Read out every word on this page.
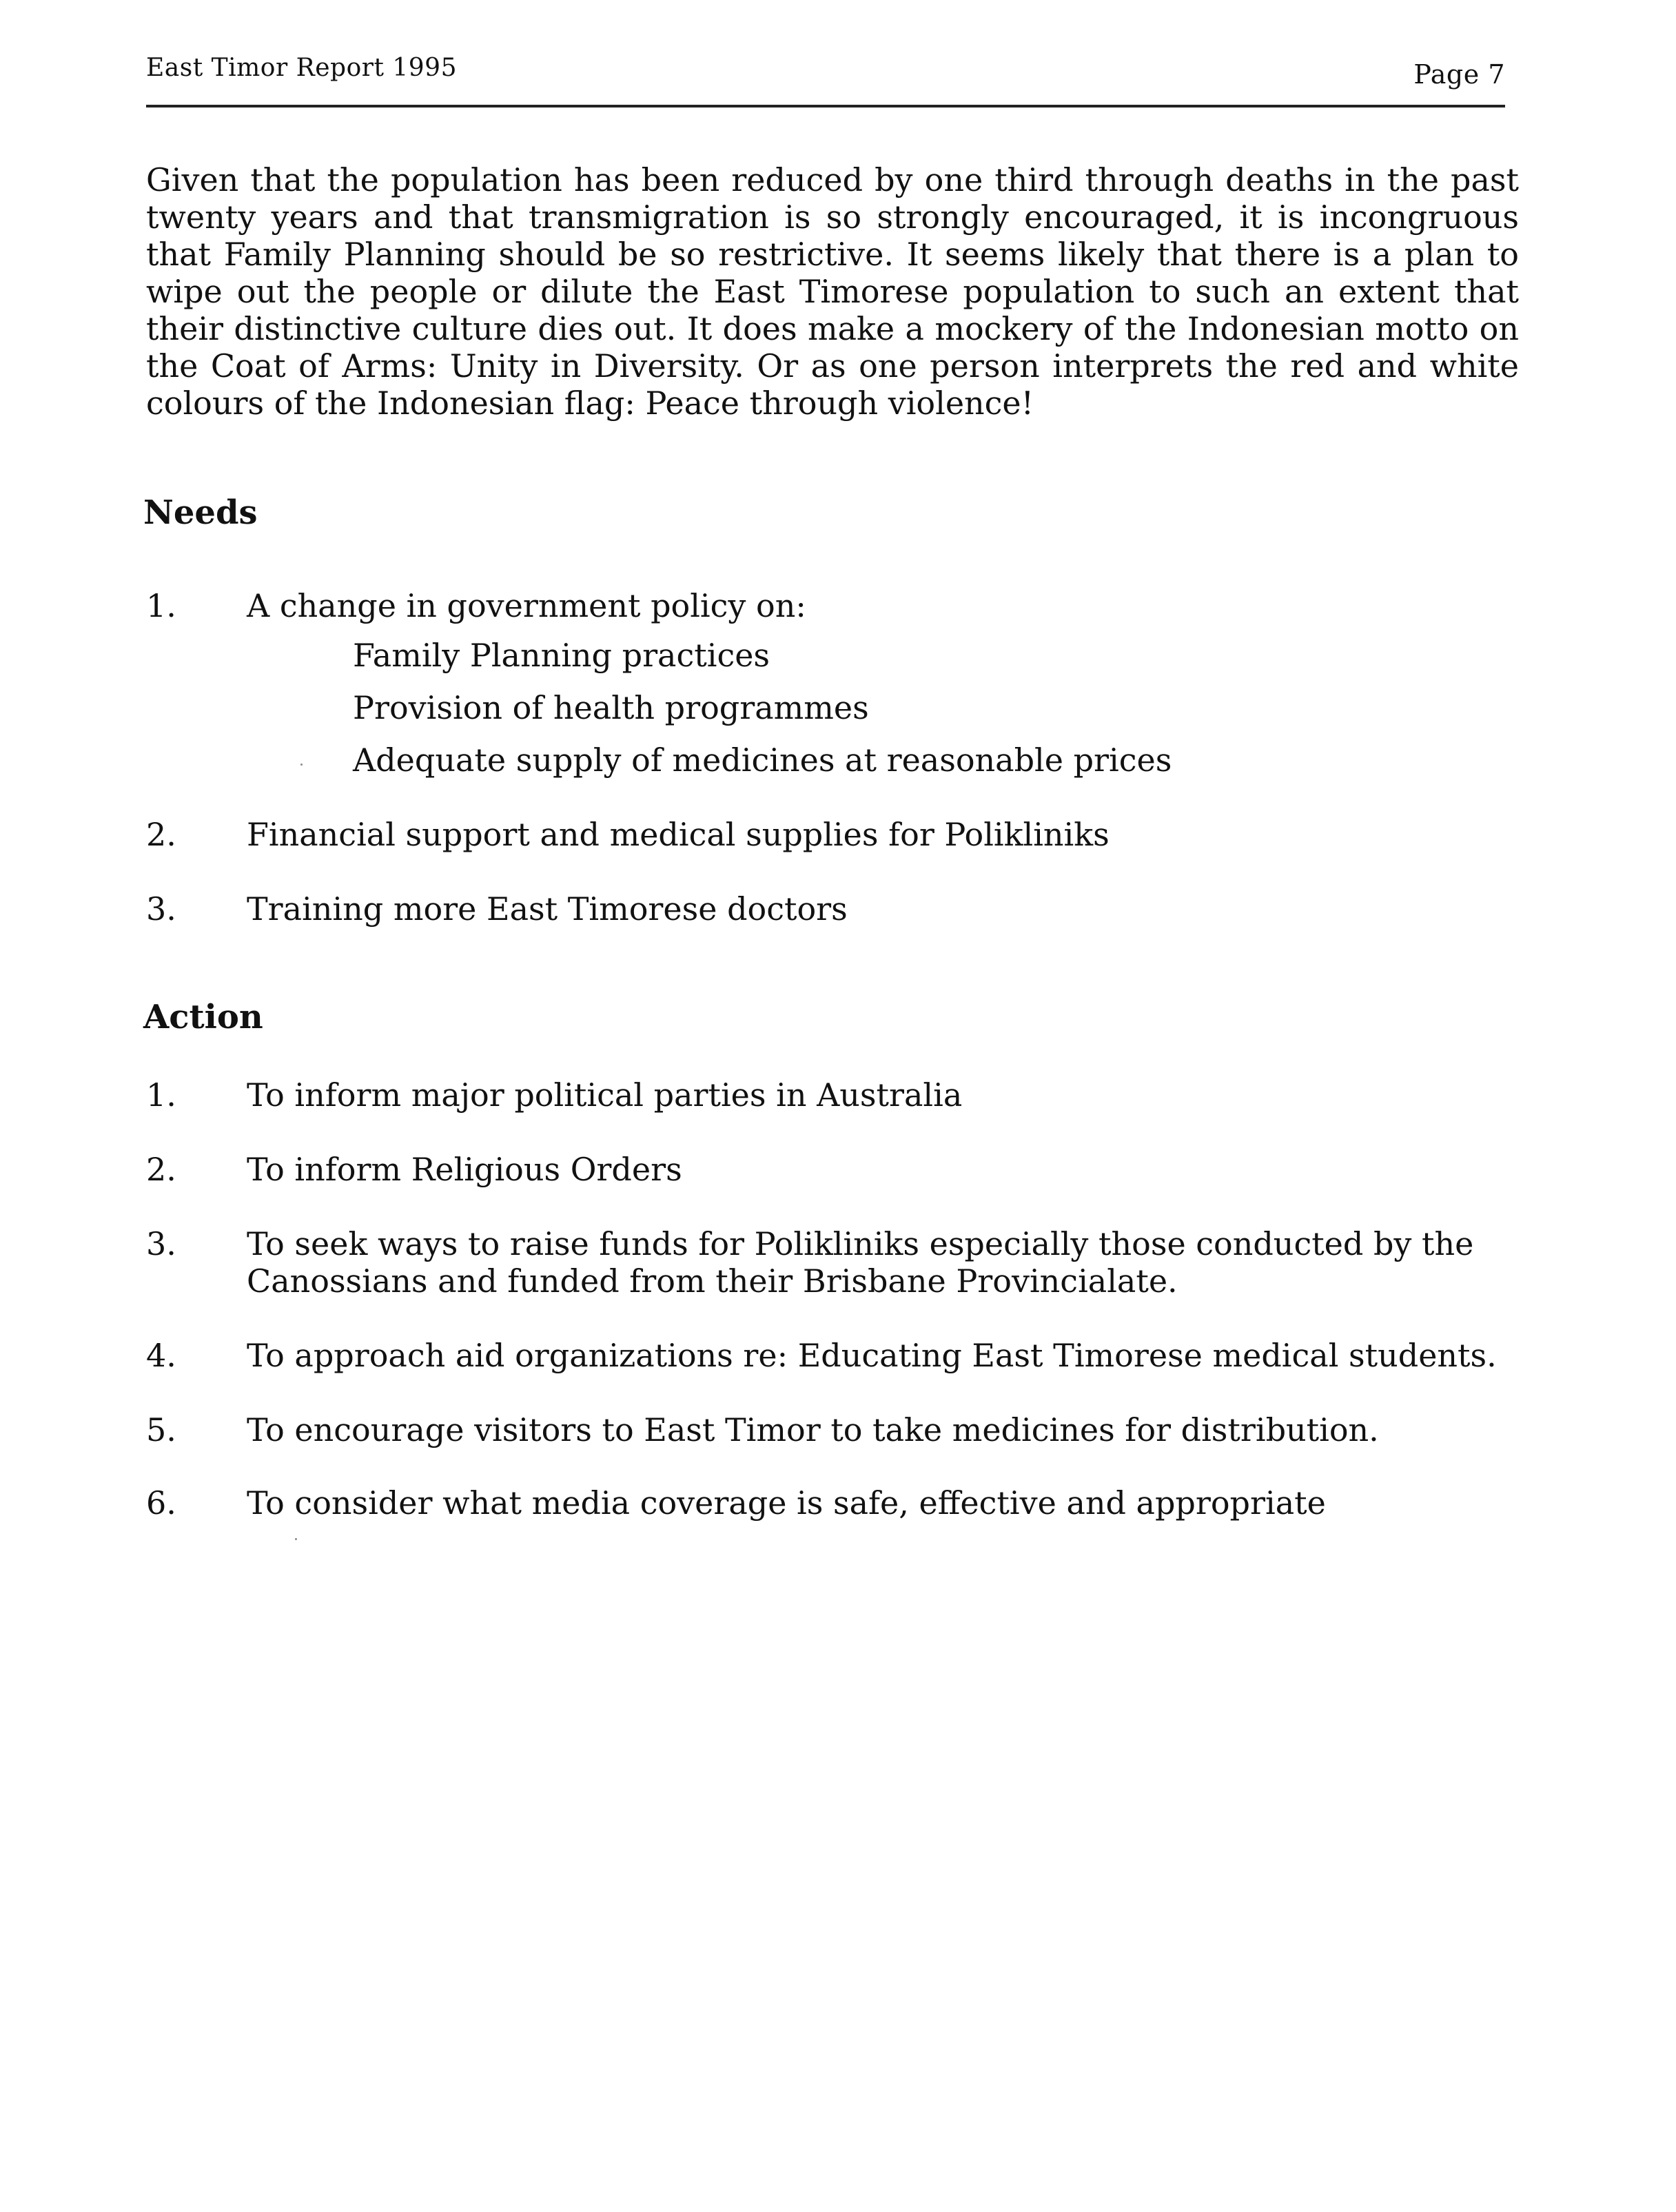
East Timor Report 1995	Page 7
Given that the population has been reduced by one third through deaths in the past
twenty years and that transmigration is so strongly encouraged, it is incongruous
that Family Planning should be so restrictive. It seems likely that there is a plan to
wipe out the people or dilute the East Timorese population to such an extent that
their distinctive culture dies out. It does make a mockery of the Indonesian motto on
the Coat of Arms: Unity in Diversity. Or as one person interprets the red and white
colours of the Indonesian flag: Peace through violence!
Needs
1. A change in government policy on:
Family Planning practices
Provision of health programmes
Adequate supply of medicines at reasonable prices
2. Financial support and medical supplies for Polikliniks
3. Training more East Timorese doctors
Action
1. To inform major political parties in Australia
2. To inform Religious Orders
3. To seek ways to raise funds for Polikliniks especially those conducted by the
Canossians and funded from their Brisbane Provincialate.
4. To approach aid organizations re: Educating East Timorese medical students.
5. To encourage visitors to East Timor to take medicines for distribution.
6. To consider what media coverage is safe, effective and appropriate
